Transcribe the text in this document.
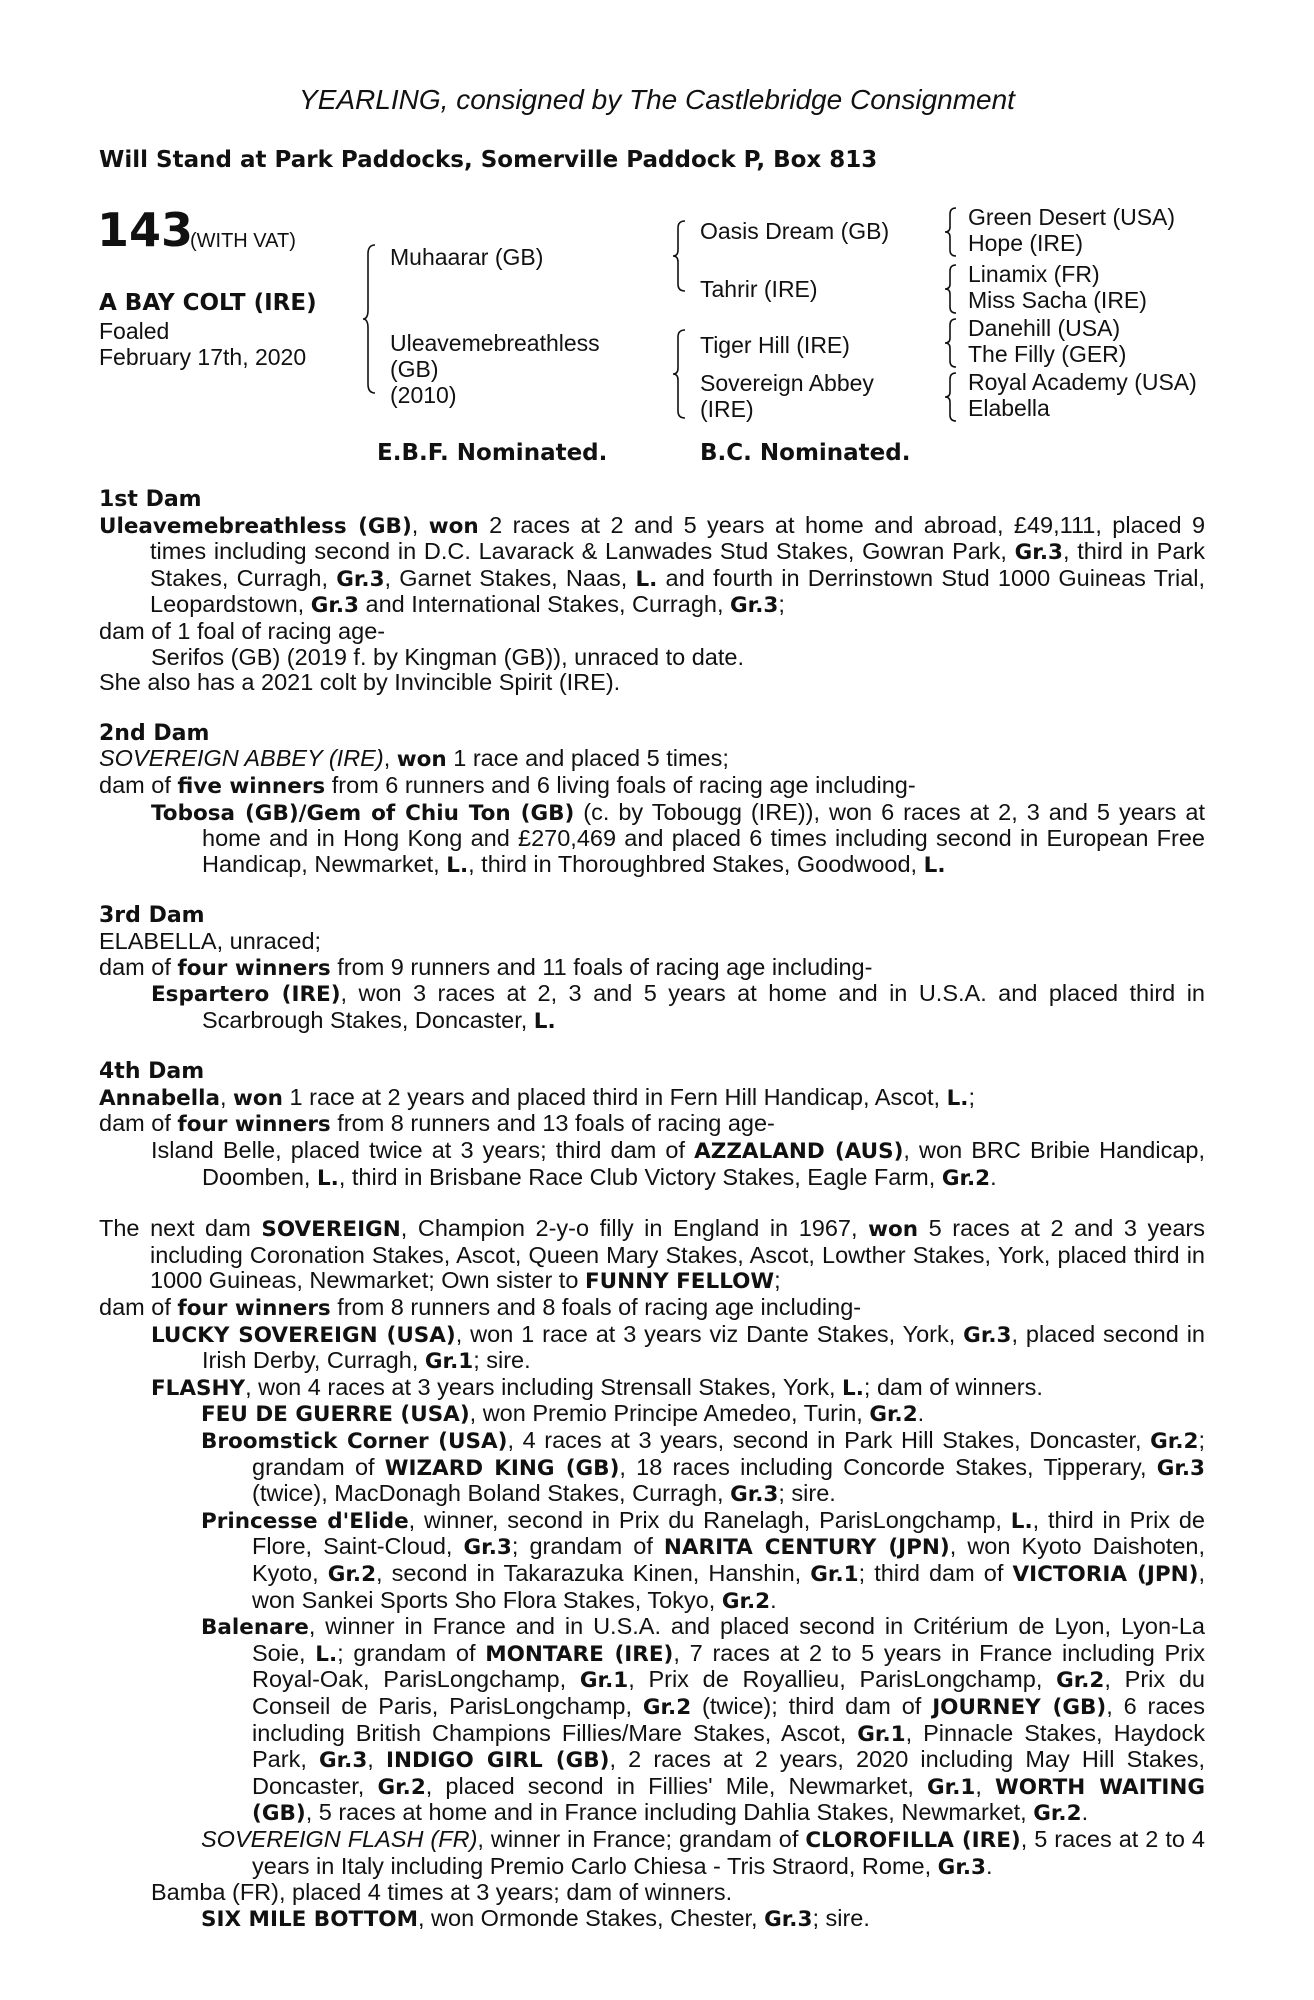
YEARLING, consigned by The Castlebridge Consignment
Will Stand at Park Paddocks, Somerville Paddock P, Box 813
143
(WITH VAT)
A BAY COLT (IRE)
Foaled
February 17th, 2020
Muhaarar (GB)
Uleavemebreathless
(GB)
(2010)
Oasis Dream (GB)
Tahrir (IRE)
Tiger Hill (IRE)
Sovereign Abbey
(IRE)
Green Desert (USA)
Hope (IRE)
Linamix (FR)
Miss Sacha (IRE)
Danehill (USA)
The Filly (GER)
Royal Academy (USA)
Elabella
E.B.F. Nominated.	B.C. Nominated.
1st Dam
Uleavemebreathless (GB), won 2 races at 2 and 5 years at home and abroad, £49,111, placed 9 times including second in D.C. Lavarack & Lanwades Stud Stakes, Gowran Park, Gr.3, third in Park Stakes, Curragh, Gr.3, Garnet Stakes, Naas, L. and fourth in Derrinstown Stud 1000 Guineas Trial, Leopardstown, Gr.3 and International Stakes, Curragh, Gr.3;
dam of 1 foal of racing age-
Serifos (GB) (2019 f. by Kingman (GB)), unraced to date.
She also has a 2021 colt by Invincible Spirit (IRE).
2nd Dam
SOVEREIGN ABBEY (IRE), won 1 race and placed 5 times;
dam of five winners from 6 runners and 6 living foals of racing age including-
Tobosa (GB)/Gem of Chiu Ton (GB) (c. by Tobougg (IRE)), won 6 races at 2, 3 and 5 years at home and in Hong Kong and £270,469 and placed 6 times including second in European Free Handicap, Newmarket, L., third in Thoroughbred Stakes, Goodwood, L.
3rd Dam
ELABELLA, unraced;
dam of four winners from 9 runners and 11 foals of racing age including-
Espartero (IRE), won 3 races at 2, 3 and 5 years at home and in U.S.A. and placed third in Scarbrough Stakes, Doncaster, L.
4th Dam
Annabella, won 1 race at 2 years and placed third in Fern Hill Handicap, Ascot, L.;
dam of four winners from 8 runners and 13 foals of racing age-
Island Belle, placed twice at 3 years; third dam of AZZALAND (AUS), won BRC Bribie Handicap, Doomben, L., third in Brisbane Race Club Victory Stakes, Eagle Farm, Gr.2.
The next dam SOVEREIGN, Champion 2-y-o filly in England in 1967, won 5 races at 2 and 3 years including Coronation Stakes, Ascot, Queen Mary Stakes, Ascot, Lowther Stakes, York, placed third in 1000 Guineas, Newmarket; Own sister to FUNNY FELLOW;
dam of four winners from 8 runners and 8 foals of racing age including-
LUCKY SOVEREIGN (USA), won 1 race at 3 years viz Dante Stakes, York, Gr.3, placed second in Irish Derby, Curragh, Gr.1; sire.
FLASHY, won 4 races at 3 years including Strensall Stakes, York, L.; dam of winners.
FEU DE GUERRE (USA), won Premio Principe Amedeo, Turin, Gr.2.
Broomstick Corner (USA), 4 races at 3 years, second in Park Hill Stakes, Doncaster, Gr.2; grandam of WIZARD KING (GB), 18 races including Concorde Stakes, Tipperary, Gr.3 (twice), MacDonagh Boland Stakes, Curragh, Gr.3; sire.
Princesse d'Elide, winner, second in Prix du Ranelagh, ParisLongchamp, L., third in Prix de Flore, Saint-Cloud, Gr.3; grandam of NARITA CENTURY (JPN), won Kyoto Daishoten, Kyoto, Gr.2, second in Takarazuka Kinen, Hanshin, Gr.1; third dam of VICTORIA (JPN), won Sankei Sports Sho Flora Stakes, Tokyo, Gr.2.
Balenare, winner in France and in U.S.A. and placed second in Critérium de Lyon, Lyon-La Soie, L.; grandam of MONTARE (IRE), 7 races at 2 to 5 years in France including Prix Royal-Oak, ParisLongchamp, Gr.1, Prix de Royallieu, ParisLongchamp, Gr.2, Prix du Conseil de Paris, ParisLongchamp, Gr.2 (twice); third dam of JOURNEY (GB), 6 races including British Champions Fillies/Mare Stakes, Ascot, Gr.1, Pinnacle Stakes, Haydock Park, Gr.3, INDIGO GIRL (GB), 2 races at 2 years, 2020 including May Hill Stakes, Doncaster, Gr.2, placed second in Fillies' Mile, Newmarket, Gr.1, WORTH WAITING (GB), 5 races at home and in France including Dahlia Stakes, Newmarket, Gr.2.
SOVEREIGN FLASH (FR), winner in France; grandam of CLOROFILLA (IRE), 5 races at 2 to 4 years in Italy including Premio Carlo Chiesa - Tris Straord, Rome, Gr.3.
Bamba (FR), placed 4 times at 3 years; dam of winners.
SIX MILE BOTTOM, won Ormonde Stakes, Chester, Gr.3; sire.
